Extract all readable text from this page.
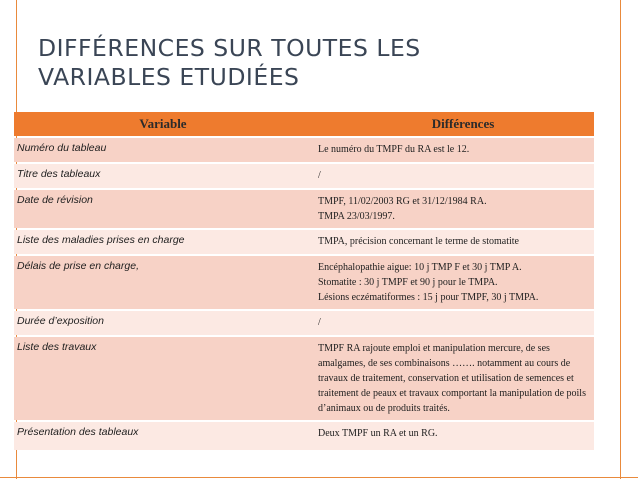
DIFFÉRENCES SUR TOUTES LES
VARIABLES ETUDIÉES
Variable	Différences
Numéro du tableau	Le numéro du TMPF du RA est le 12.

Titre des tableaux	/

Date de révision	TMPF, 11/02/2003 RG et 31/12/1984 RA.
TMPA 23/03/1997.

Liste des maladies prises en charge	TMPA, précision concernant le terme de stomatite

Délais de prise en charge,	Encéphalopathie aigue: 10 j TMP F et 30 j TMP A.
Stomatite : 30 j TMPF et 90 j pour le TMPA.
Lésions eczématiformes : 15 j pour TMPF, 30 j TMPA.

Durée d’exposition	/

Liste des travaux	TMPF RA rajoute emploi et manipulation mercure, de ses
amalgames, de ses combinaisons ……. notamment au cours de
travaux de traitement, conservation et utilisation de semences et
traitement de peaux et travaux comportant la manipulation de poils
d’animaux ou de produits traités.

Présentation des tableaux	Deux TMPF un RA et un RG.
